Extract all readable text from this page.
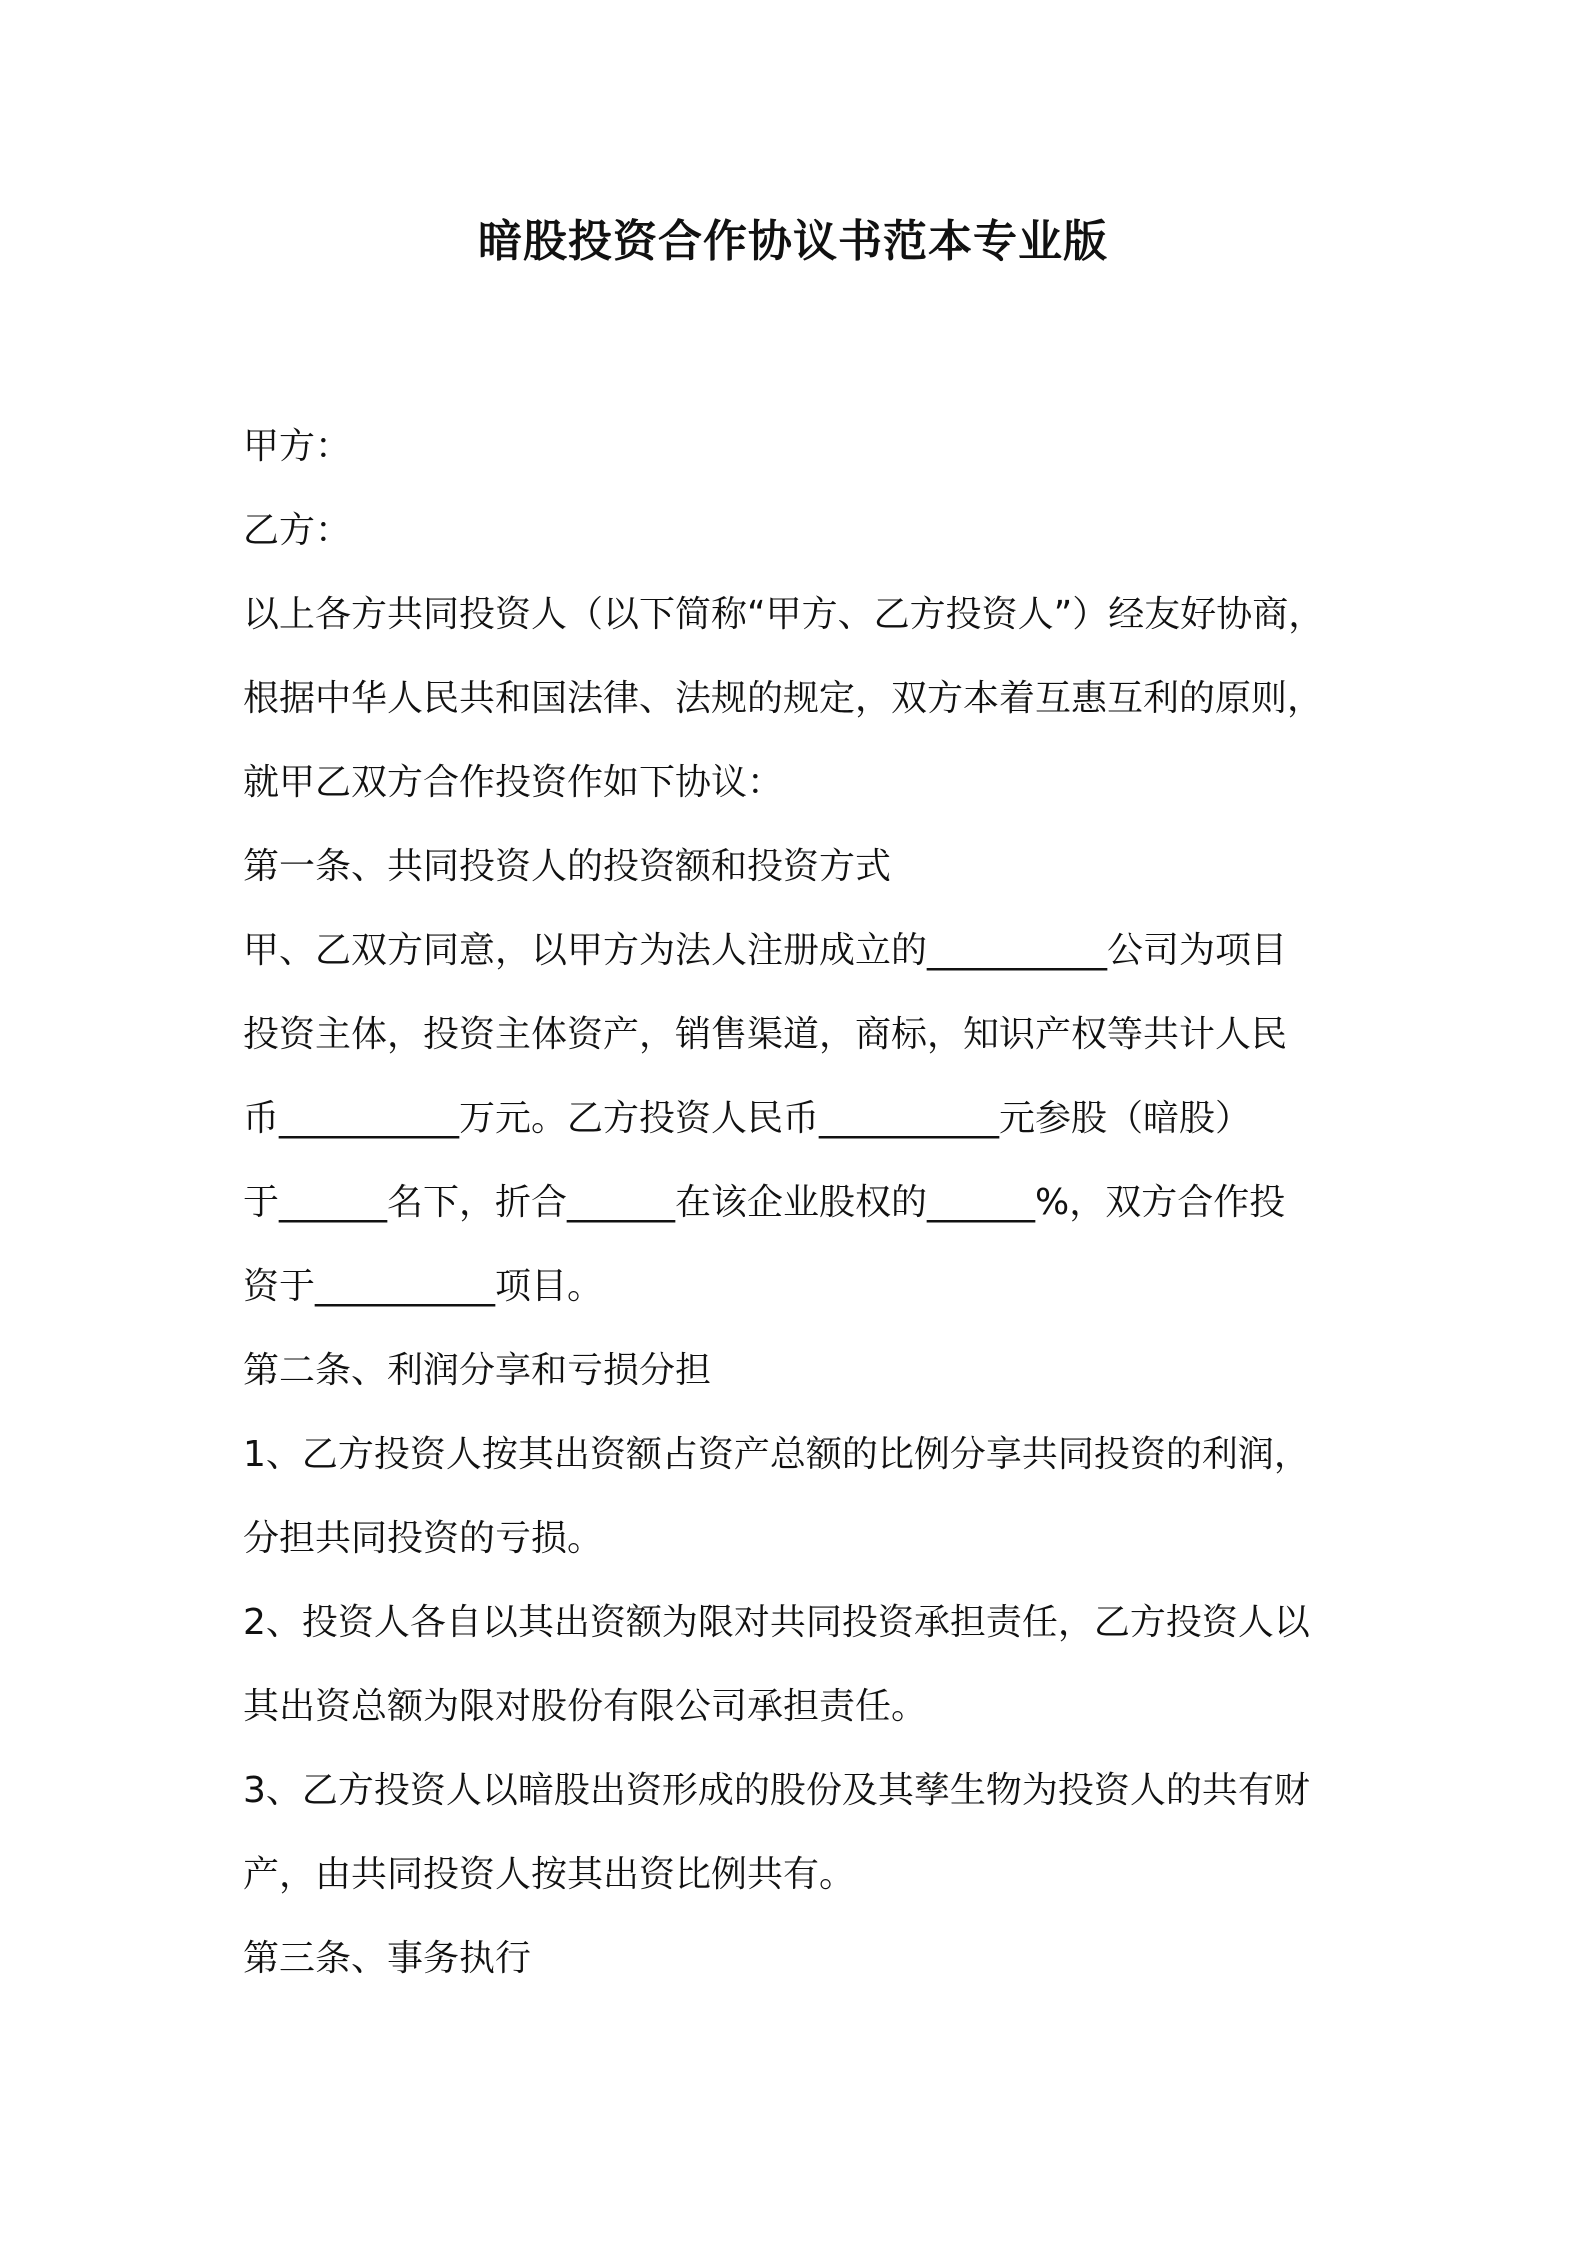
暗股投资合作协议书范本专业版
甲方：
乙方：
以上各方共同投资人（以下简称“甲方、乙方投资人”）经友好协商，
根据中华人民共和国法律、法规的规定，双方本着互惠互利的原则，
就甲乙双方合作投资作如下协议：
第一条、共同投资人的投资额和投资方式
甲、乙双方同意，以甲方为法人注册成立的__________公司为项目
投资主体，投资主体资产，销售渠道，商标，知识产权等共计人民
币__________万元。乙方投资人民币__________元参股（暗股）
于______名下，折合______在该企业股权的______%，双方合作投
资于__________项目。
第二条、利润分享和亏损分担
1、乙方投资人按其出资额占资产总额的比例分享共同投资的利润，
分担共同投资的亏损。
2、投资人各自以其出资额为限对共同投资承担责任，乙方投资人以
其出资总额为限对股份有限公司承担责任。
3、乙方投资人以暗股出资形成的股份及其孳生物为投资人的共有财
产，由共同投资人按其出资比例共有。
第三条、事务执行
